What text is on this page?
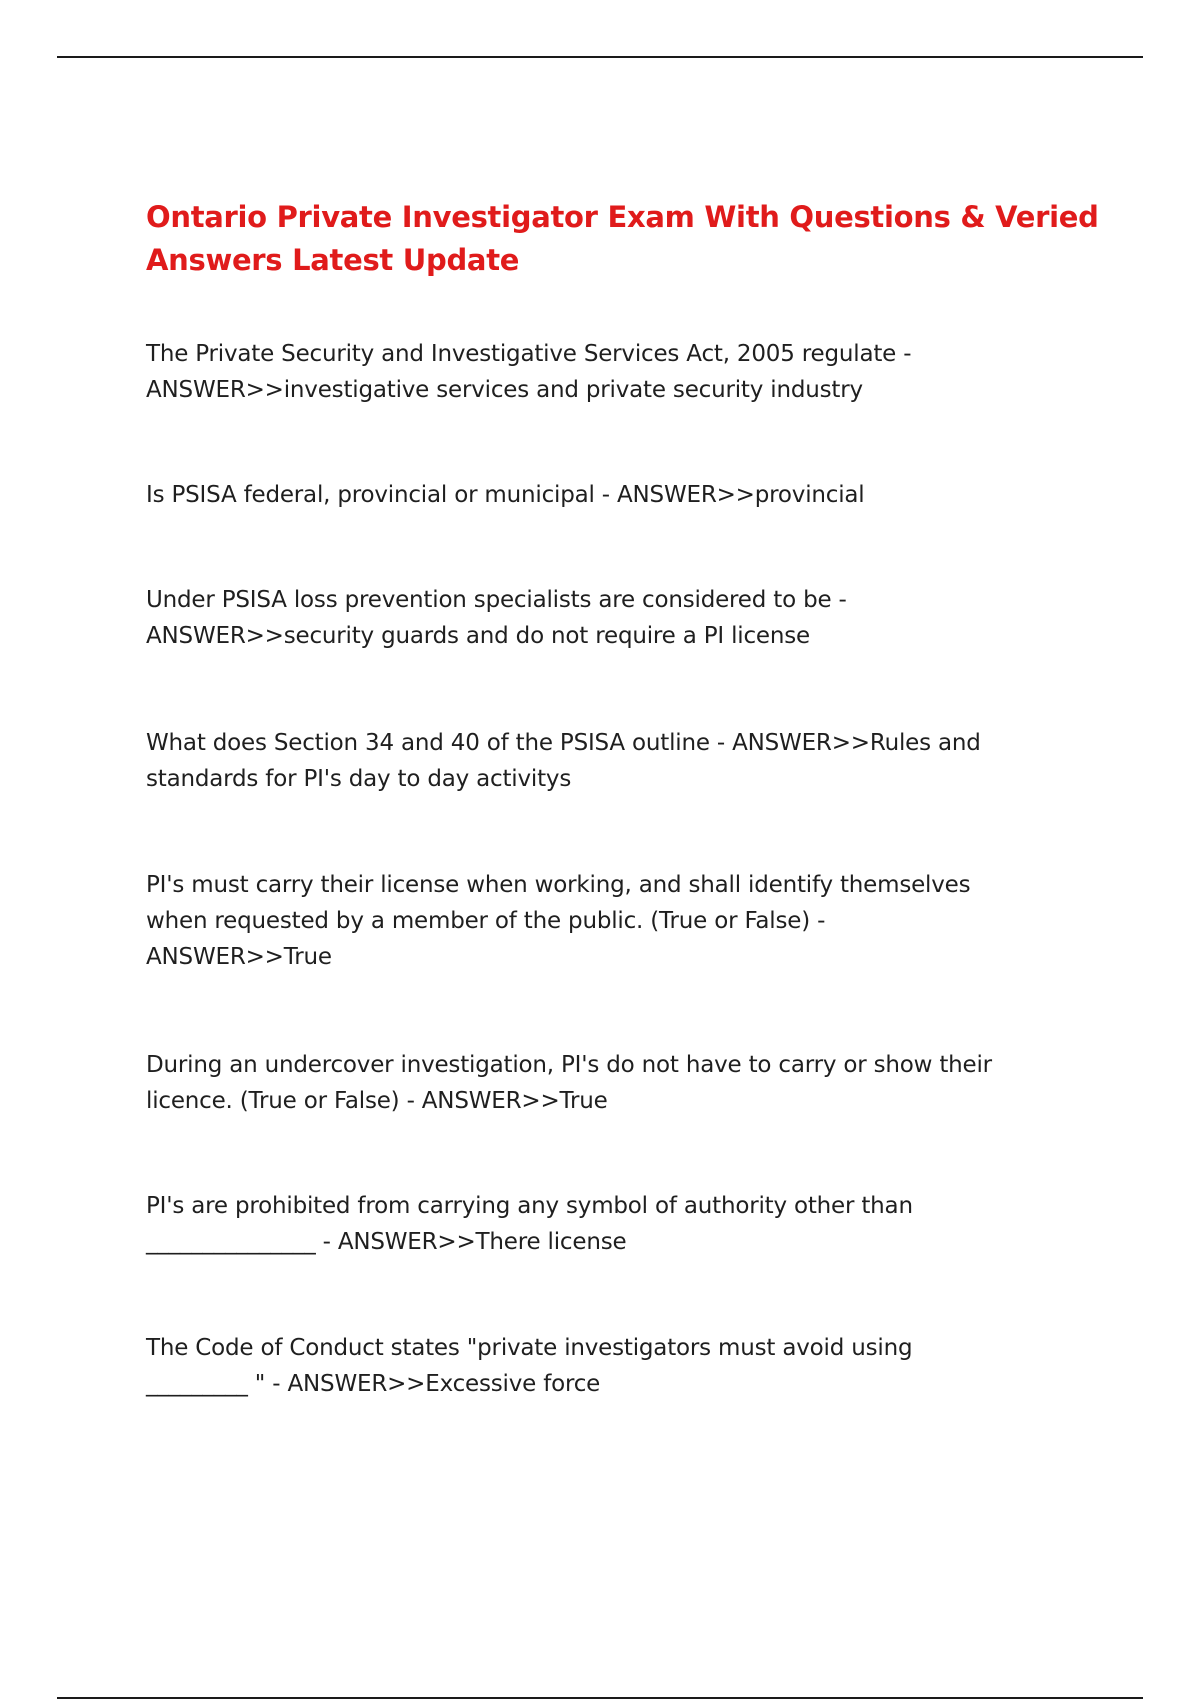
Ontario Private Investigator Exam With Questions & Veried Answers Latest Update

The Private Security and Investigative Services Act, 2005 regulate -
ANSWER>>investigative services and private security industry

Is PSISA federal, provincial or municipal - ANSWER>>provincial

Under PSISA loss prevention specialists are considered to be -
ANSWER>>security guards and do not require a PI license

What does Section 34 and 40 of the PSISA outline - ANSWER>>Rules and
standards for PI's day to day activitys

PI's must carry their license when working, and shall identify themselves
when requested by a member of the public. (True or False) -
ANSWER>>True

During an undercover investigation, PI's do not have to carry or show their
licence. (True or False) - ANSWER>>True

PI's are prohibited from carrying any symbol of authority other than
_______________ - ANSWER>>There license

The Code of Conduct states "private investigators must avoid using
_________ " - ANSWER>>Excessive force
